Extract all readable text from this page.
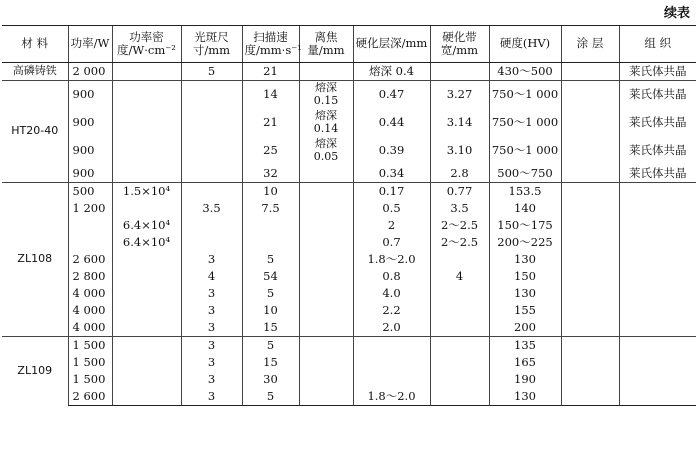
续表
材 料	功率/W	功率密度/W·cm⁻²	光斑尺寸/mm	扫描速度/mm·s⁻¹	离焦量/mm	硬化层深/mm	硬化带宽/mm	硬度(HV)	涂 层	组 织
高磷铸铁	2 000		5	21		熔深 0.4		430～500		莱氏体共晶
HT20-40	900			14	熔深 0.15	0.47	3.27	750～1 000		莱氏体共晶
	900			21	熔深 0.14	0.44	3.14	750～1 000		莱氏体共晶
	900			25	熔深 0.05	0.39	3.10	750～1 000		莱氏体共晶
	900			32		0.34	2.8	500～750		莱氏体共晶
ZL108	500	1.5×10⁴		10		0.17	0.77	153.5		
	1 200		3.5	7.5		0.5	3.5	140		
		6.4×10⁴				2	2～2.5	150～175		
		6.4×10⁴				0.7	2～2.5	200～225		
	2 600		3	5		1.8～2.0		130		
	2 800		4	54		0.8	4	150		
	4 000		3	5		4.0		130		
	4 000		3	10		2.2		155		
	4 000		3	15		2.0		200		
ZL109	1 500		3	5				135		
	1 500		3	15				165		
	1 500		3	30				190		
	2 600		3	5		1.8～2.0		130		
